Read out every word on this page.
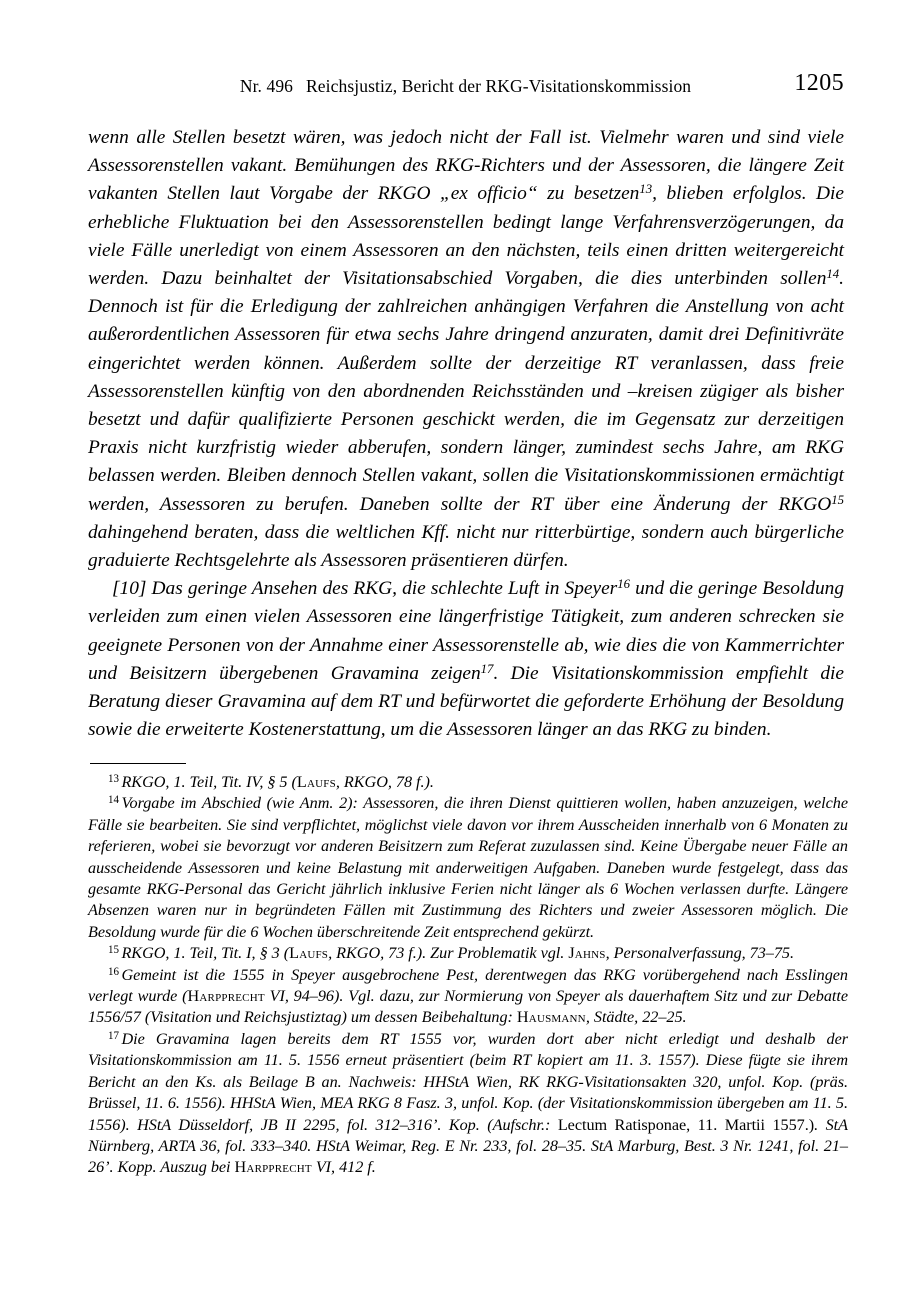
Nr. 496 Reichsjustiz, Bericht der RKG-Visitationskommission	1205

wenn alle Stellen besetzt wären, was jedoch nicht der Fall ist. Vielmehr waren und sind viele Assessorenstellen vakant. Bemühungen des RKG-Richters und der Assessoren, die längere Zeit vakanten Stellen laut Vorgabe der RKGO „ex officio“ zu besetzen$^{13}$, blieben erfolglos. Die erhebliche Fluktuation bei den Assessorenstellen bedingt lange Verfahrensverzögerungen, da viele Fälle unerledigt von einem Assessoren an den nächsten, teils einen dritten weitergereicht werden. Dazu beinhaltet der Visitationsabschied Vorgaben, die dies unterbinden sollen$^{14}$. Dennoch ist für die Erledigung der zahlreichen anhängigen Verfahren die Anstellung von acht außerordentlichen Assessoren für etwa sechs Jahre dringend anzuraten, damit drei Definitivräte eingerichtet werden können. Außerdem sollte der derzeitige RT veranlassen, dass freie Assessorenstellen künftig von den abordnenden Reichsständen und –kreisen zügiger als bisher besetzt und dafür qualifizierte Personen geschickt werden, die im Gegensatz zur derzeitigen Praxis nicht kurzfristig wieder abberufen, sondern länger, zumindest sechs Jahre, am RKG belassen werden. Bleiben dennoch Stellen vakant, sollen die Visitationskommissionen ermächtigt werden, Assessoren zu berufen. Daneben sollte der RT über eine Änderung der RKGO$^{15}$ dahingehend beraten, dass die weltlichen Kff. nicht nur ritterbürtige, sondern auch bürgerliche graduierte Rechtsgelehrte als Assessoren präsentieren dürfen.

[10] Das geringe Ansehen des RKG, die schlechte Luft in Speyer$^{16}$ und die geringe Besoldung verleiden zum einen vielen Assessoren eine längerfristige Tätigkeit, zum anderen schrecken sie geeignete Personen von der Annahme einer Assessorenstelle ab, wie dies die von Kammerrichter und Beisitzern übergebenen Gravamina zeigen$^{17}$. Die Visitationskommission empfiehlt die Beratung dieser Gravamina auf dem RT und befürwortet die geforderte Erhöhung der Besoldung sowie die erweiterte Kostenerstattung, um die Assessoren länger an das RKG zu binden.

$^{13}$ RKGO, 1. Teil, Tit. IV, § 5 (Laufs, RKGO, 78 f.).

$^{14}$ Vorgabe im Abschied (wie Anm. 2): Assessoren, die ihren Dienst quittieren wollen, haben anzuzeigen, welche Fälle sie bearbeiten. Sie sind verpflichtet, möglichst viele davon vor ihrem Ausscheiden innerhalb von 6 Monaten zu referieren, wobei sie bevorzugt vor anderen Beisitzern zum Referat zuzulassen sind. Keine Übergabe neuer Fälle an ausscheidende Assessoren und keine Belastung mit anderweitigen Aufgaben. Daneben wurde festgelegt, dass das gesamte RKG-Personal das Gericht jährlich inklusive Ferien nicht länger als 6 Wochen verlassen durfte. Längere Absenzen waren nur in begründeten Fällen mit Zustimmung des Richters und zweier Assessoren möglich. Die Besoldung wurde für die 6 Wochen überschreitende Zeit entsprechend gekürzt.

$^{15}$ RKGO, 1. Teil, Tit. I, § 3 (Laufs, RKGO, 73 f.). Zur Problematik vgl. Jahns, Personalverfassung, 73–75.

$^{16}$ Gemeint ist die 1555 in Speyer ausgebrochene Pest, derentwegen das RKG vorübergehend nach Esslingen verlegt wurde (Harpprecht VI, 94–96). Vgl. dazu, zur Normierung von Speyer als dauerhaftem Sitz und zur Debatte 1556/57 (Visitation und Reichsjustiztag) um dessen Beibehaltung: Hausmann, Städte, 22–25.

$^{17}$ Die Gravamina lagen bereits dem RT 1555 vor, wurden dort aber nicht erledigt und deshalb der Visitationskommission am 11. 5. 1556 erneut präsentiert (beim RT kopiert am 11. 3. 1557). Diese fügte sie ihrem Bericht an den Ks. als Beilage B an. Nachweis: HHStA Wien, RK RKG-Visitationsakten 320, unfol. Kop. (präs. Brüssel, 11. 6. 1556). HHStA Wien, MEA RKG 8 Fasz. 3, unfol. Kop. (der Visitationskommission übergeben am 11. 5. 1556). HStA Düsseldorf, JB II 2295, fol. 312–316’. Kop. (Aufschr.: Lectum Ratisponae, 11. Martii 1557.). StA Nürnberg, ARTA 36, fol. 333–340. HStA Weimar, Reg. E Nr. 233, fol. 28–35. StA Marburg, Best. 3 Nr. 1241, fol. 21–26’. Kopp. Auszug bei Harpprecht VI, 412 f.
